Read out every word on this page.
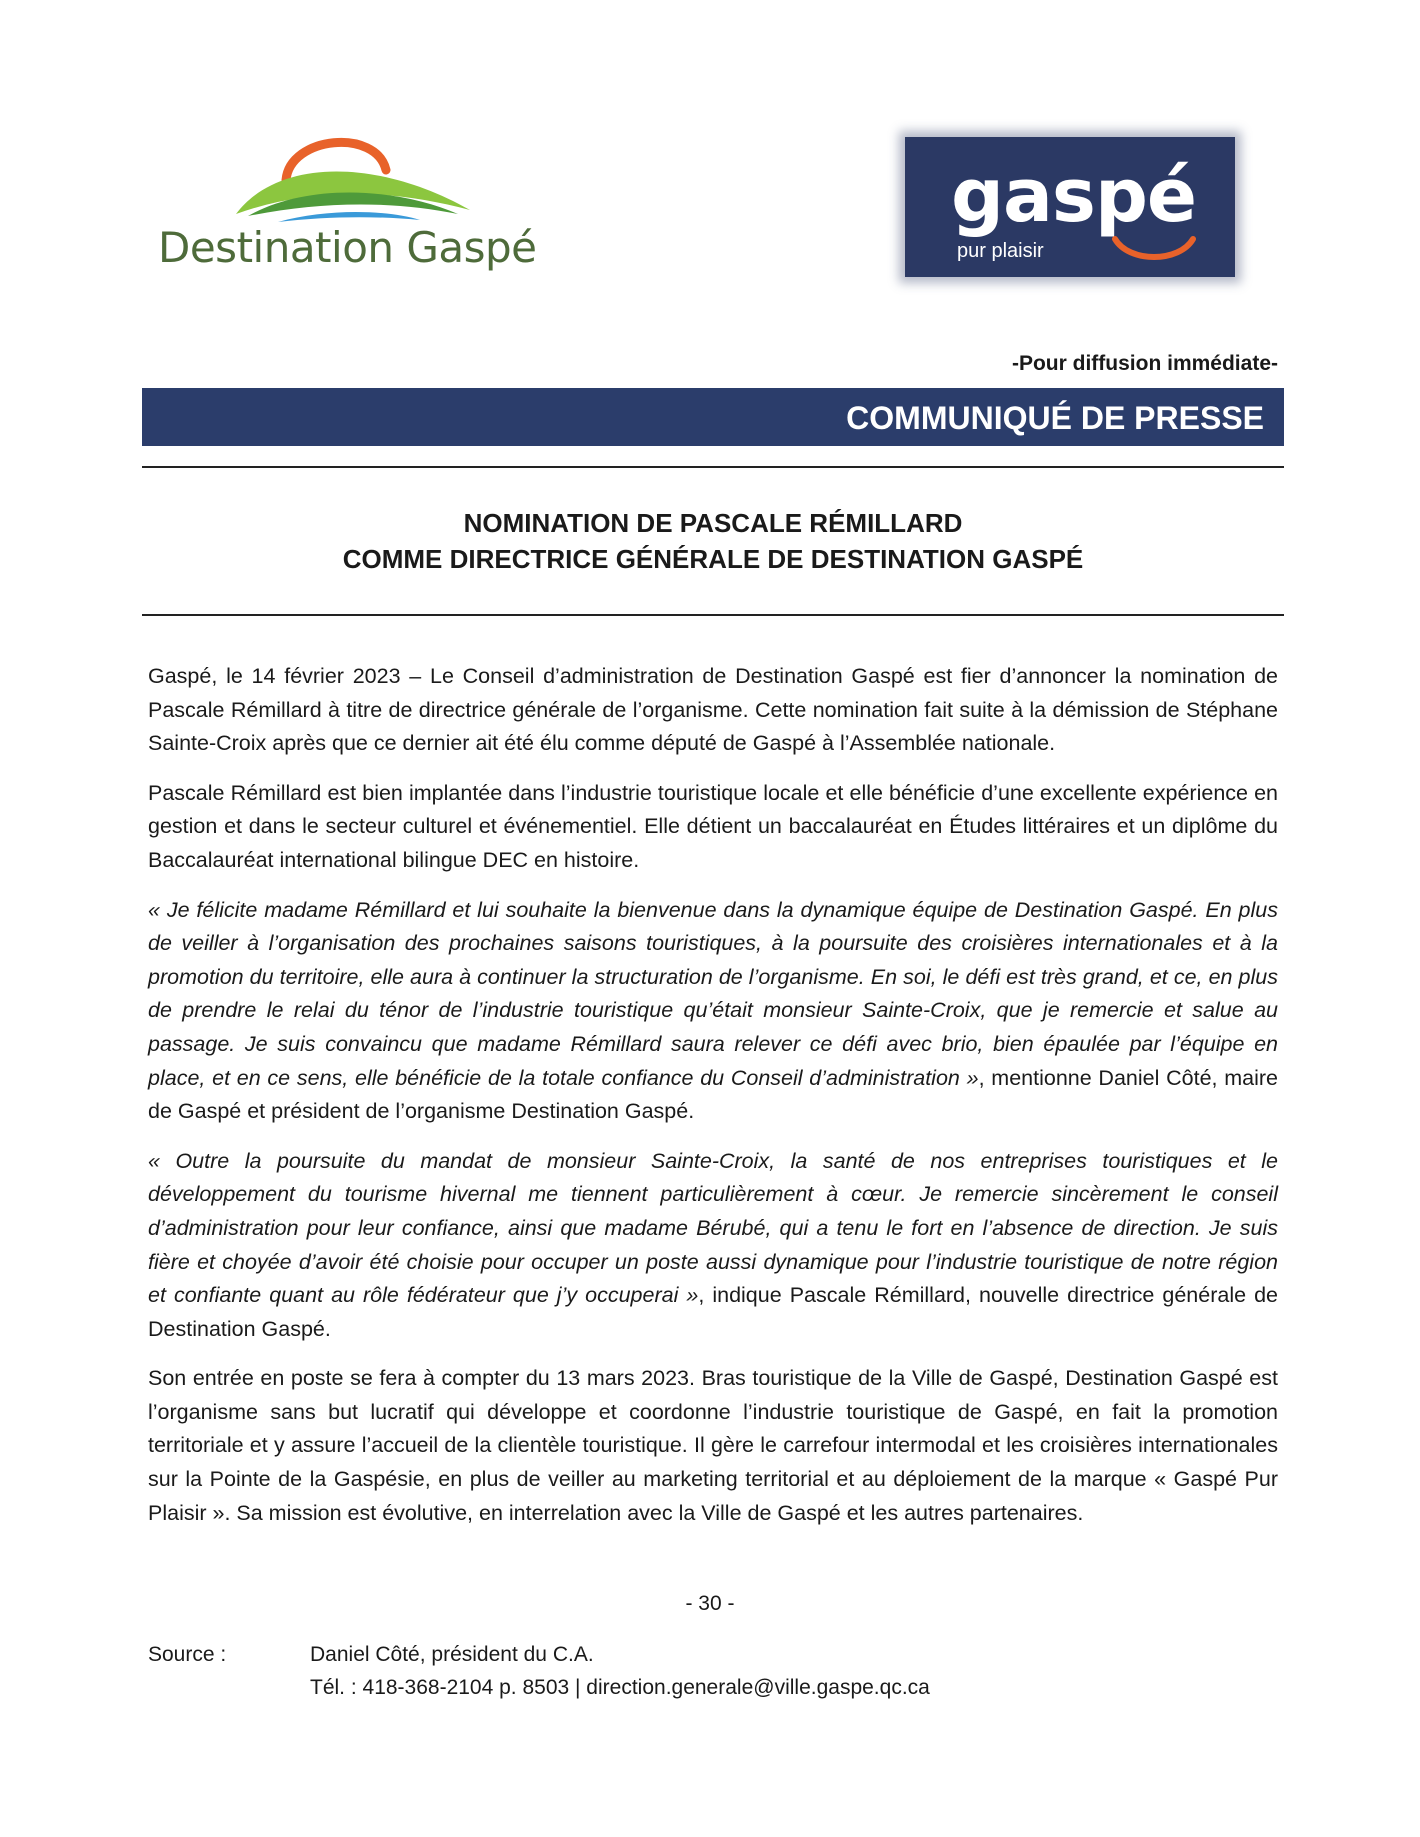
Destination Gaspé
gaspé
pur plaisir
-Pour diffusion immédiate-
COMMUNIQUÉ DE PRESSE
NOMINATION DE PASCALE RÉMILLARD
COMME DIRECTRICE GÉNÉRALE DE DESTINATION GASPÉ

Gaspé, le 14 février 2023 – Le Conseil d’administration de Destination Gaspé est fier d’annoncer la nomination de Pascale Rémillard à titre de directrice générale de l’organisme. Cette nomination fait suite à la démission de Stéphane Sainte-Croix après que ce dernier ait été élu comme député de Gaspé à l’Assemblée nationale.

Pascale Rémillard est bien implantée dans l’industrie touristique locale et elle bénéficie d’une excellente expérience en gestion et dans le secteur culturel et événementiel. Elle détient un baccalauréat en Études littéraires et un diplôme du Baccalauréat international bilingue DEC en histoire.

« Je félicite madame Rémillard et lui souhaite la bienvenue dans la dynamique équipe de Destination Gaspé. En plus de veiller à l’organisation des prochaines saisons touristiques, à la poursuite des croisières internationales et à la promotion du territoire, elle aura à continuer la structuration de l’organisme. En soi, le défi est très grand, et ce, en plus de prendre le relai du ténor de l’industrie touristique qu’était monsieur Sainte-Croix, que je remercie et salue au passage. Je suis convaincu que madame Rémillard saura relever ce défi avec brio, bien épaulée par l’équipe en place, et en ce sens, elle bénéficie de la totale confiance du Conseil d’administration », mentionne Daniel Côté, maire de Gaspé et président de l’organisme Destination Gaspé.

« Outre la poursuite du mandat de monsieur Sainte-Croix, la santé de nos entreprises touristiques et le développement du tourisme hivernal me tiennent particulièrement à cœur. Je remercie sincèrement le conseil d’administration pour leur confiance, ainsi que madame Bérubé, qui a tenu le fort en l’absence de direction. Je suis fière et choyée d’avoir été choisie pour occuper un poste aussi dynamique pour l’industrie touristique de notre région et confiante quant au rôle fédérateur que j’y occuperai », indique Pascale Rémillard, nouvelle directrice générale de Destination Gaspé.

Son entrée en poste se fera à compter du 13 mars 2023. Bras touristique de la Ville de Gaspé, Destination Gaspé est l’organisme sans but lucratif qui développe et coordonne l’industrie touristique de Gaspé, en fait la promotion territoriale et y assure l’accueil de la clientèle touristique. Il gère le carrefour intermodal et les croisières internationales sur la Pointe de la Gaspésie, en plus de veiller au marketing territorial et au déploiement de la marque « Gaspé Pur Plaisir ». Sa mission est évolutive, en interrelation avec la Ville de Gaspé et les autres partenaires.

- 30 -
Source :	Daniel Côté, président du C.A.
Tél. : 418-368-2104 p. 8503 | direction.generale@ville.gaspe.qc.ca
